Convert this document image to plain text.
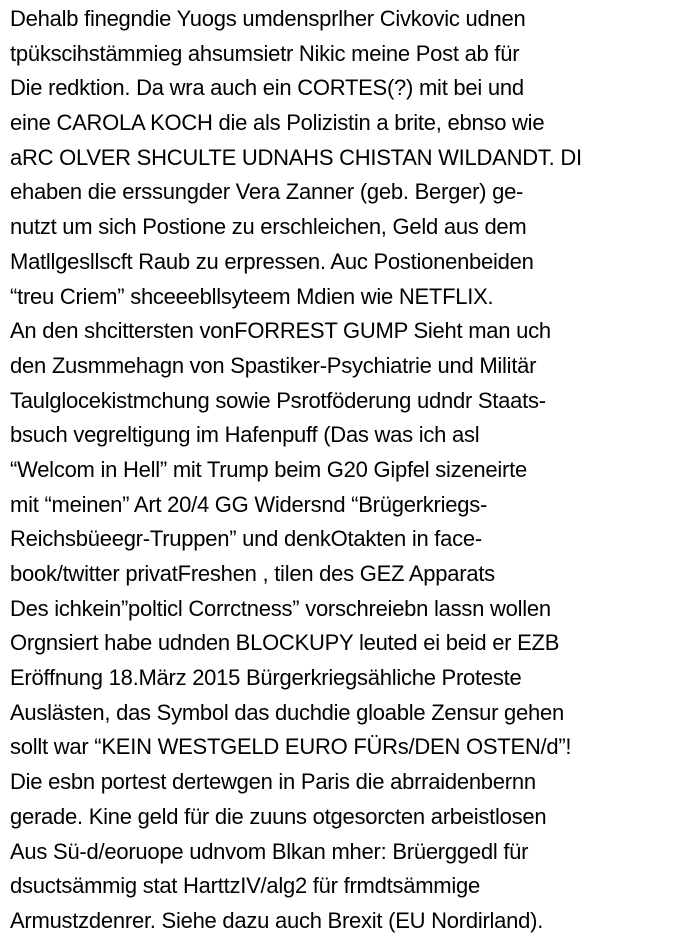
Dehalb finegndie Yuogs umdensprlher Civkovic udnen
tpükscihstämmieg ahsumsietr Nikic meine Post ab für
Die redktion. Da wra auch ein CORTES(?) mit bei und
eine CAROLA KOCH die als Polizistin a brite, ebnso wie
aRC OLVER SHCULTE UDNAHS CHISTAN WILDANDT. DI
ehaben die erssungder Vera Zanner (geb. Berger) ge-
nutzt um sich Postione zu erschleichen, Geld aus dem
Matllgesllscft Raub zu erpressen. Auc Postionenbeiden
“treu Criem” shceeebllsyteem Mdien wie NETFLIX.
An den shcittersten vonFORREST GUMP Sieht man uch
den Zusmmehagn von Spastiker-Psychiatrie und Militär
Taulglocekistmchung sowie Psrotföderung udndr Staats-
bsuch vegreltigung im Hafenpuff (Das was ich asl
“Welcom in Hell” mit Trump beim G20 Gipfel sizeneirte
mit “meinen” Art 20/4 GG Widersnd “Brügerkriegs-
Reichsbüeegr-Truppen” und denkOtakten in face-
book/twitter privatFreshen , tilen des GEZ Apparats
Des ichkein”polticl Corrctness” vorschreiebn lassn wollen
Orgnsiert habe udnden BLOCKUPY leuted ei beid er EZB
Eröffnung 18.März 2015 Bürgerkriegsähliche Proteste
Auslästen, das Symbol das duchdie gloable Zensur gehen
sollt war “KEIN WESTGELD EURO FÜRs/DEN OSTEN/d”!
Die esbn portest dertewgen in Paris die abrraidenbernn
gerade. Kine geld für die zuuns otgesorcten arbeistlosen
Aus Sü-d/eoruope udnvom Blkan mher: Brüerggedl für
dsuctsämmig stat HarttzIV/alg2 für frmdtsämmige
Armustzdenrer. Siehe dazu auch Brexit (EU Nordirland).
